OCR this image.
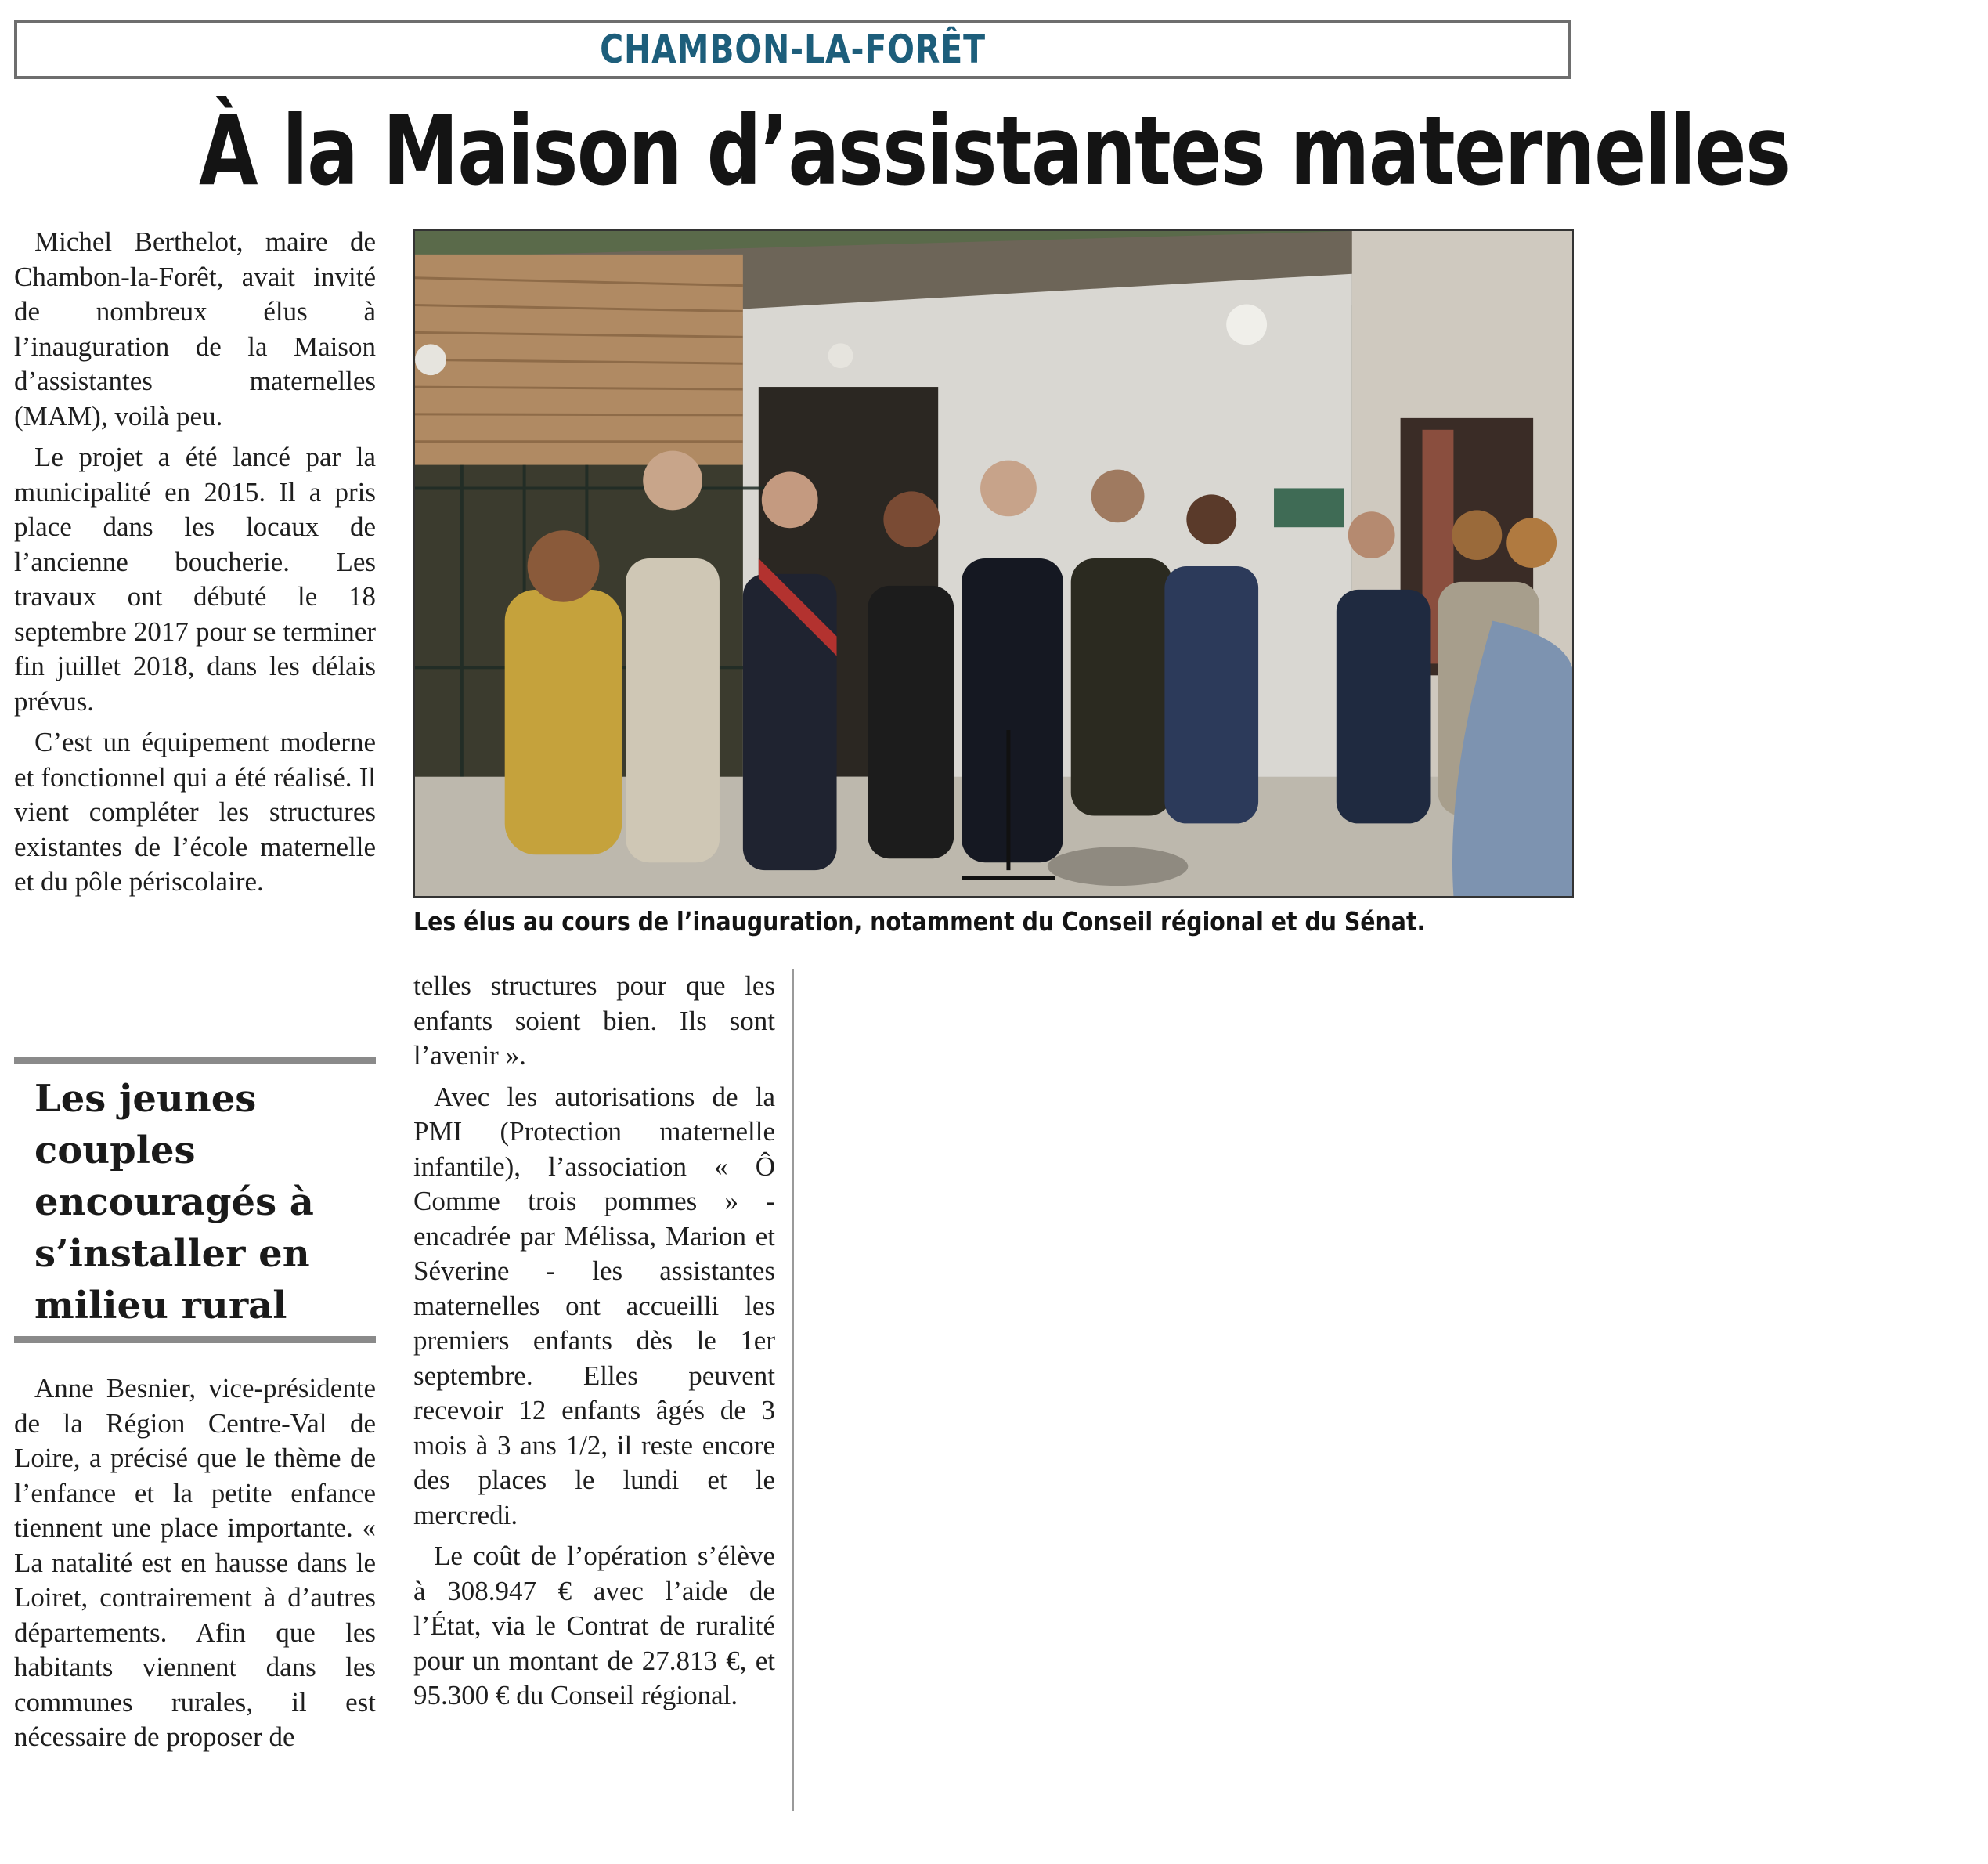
CHAMBON-LA-FORÊT
À la Maison d’assistantes maternelles
Les élus au cours de l’inauguration, notamment du Conseil régional et du Sénat.

Michel Berthelot, maire de Chambon-la-Forêt, avait invité de nombreux élus à l’inauguration de la Maison d’assistantes maternelles (MAM), voilà peu.

Le projet a été lancé par la municipalité en 2015. Il a pris place dans les locaux de l’ancienne boucherie. Les travaux ont débuté le 18 septembre 2017 pour se terminer fin juillet 2018, dans les délais prévus.

C’est un équipement moderne et fonctionnel qui a été réalisé. Il vient compléter les structures existantes de l’école maternelle et du pôle périscolaire.

Les jeunes couples encouragés à s’installer en milieu rural

Anne Besnier, vice-présidente de la Région Centre-Val de Loire, a précisé que le thème de l’enfance et la petite enfance tiennent une place importante. « La natalité est en hausse dans le Loiret, contrairement à d’autres départements. Afin que les habitants viennent dans les communes rurales, il est nécessaire de proposer de

telles structures pour que les enfants soient bien. Ils sont l’avenir ».

Avec les autorisations de la PMI (Protection maternelle infantile), l’association « Ô Comme trois pommes » - encadrée par Mélissa, Marion et Séverine - les assistantes maternelles ont accueilli les premiers enfants dès le 1er septembre. Elles peuvent recevoir 12 enfants âgés de 3 mois à 3 ans 1/2, il reste encore des places le lundi et le mercredi.

Le coût de l’opération s’élève à 308.947 € avec l’aide de l’État, via le Contrat de ruralité pour un montant de 27.813 €, et 95.300 € du Conseil régional.
